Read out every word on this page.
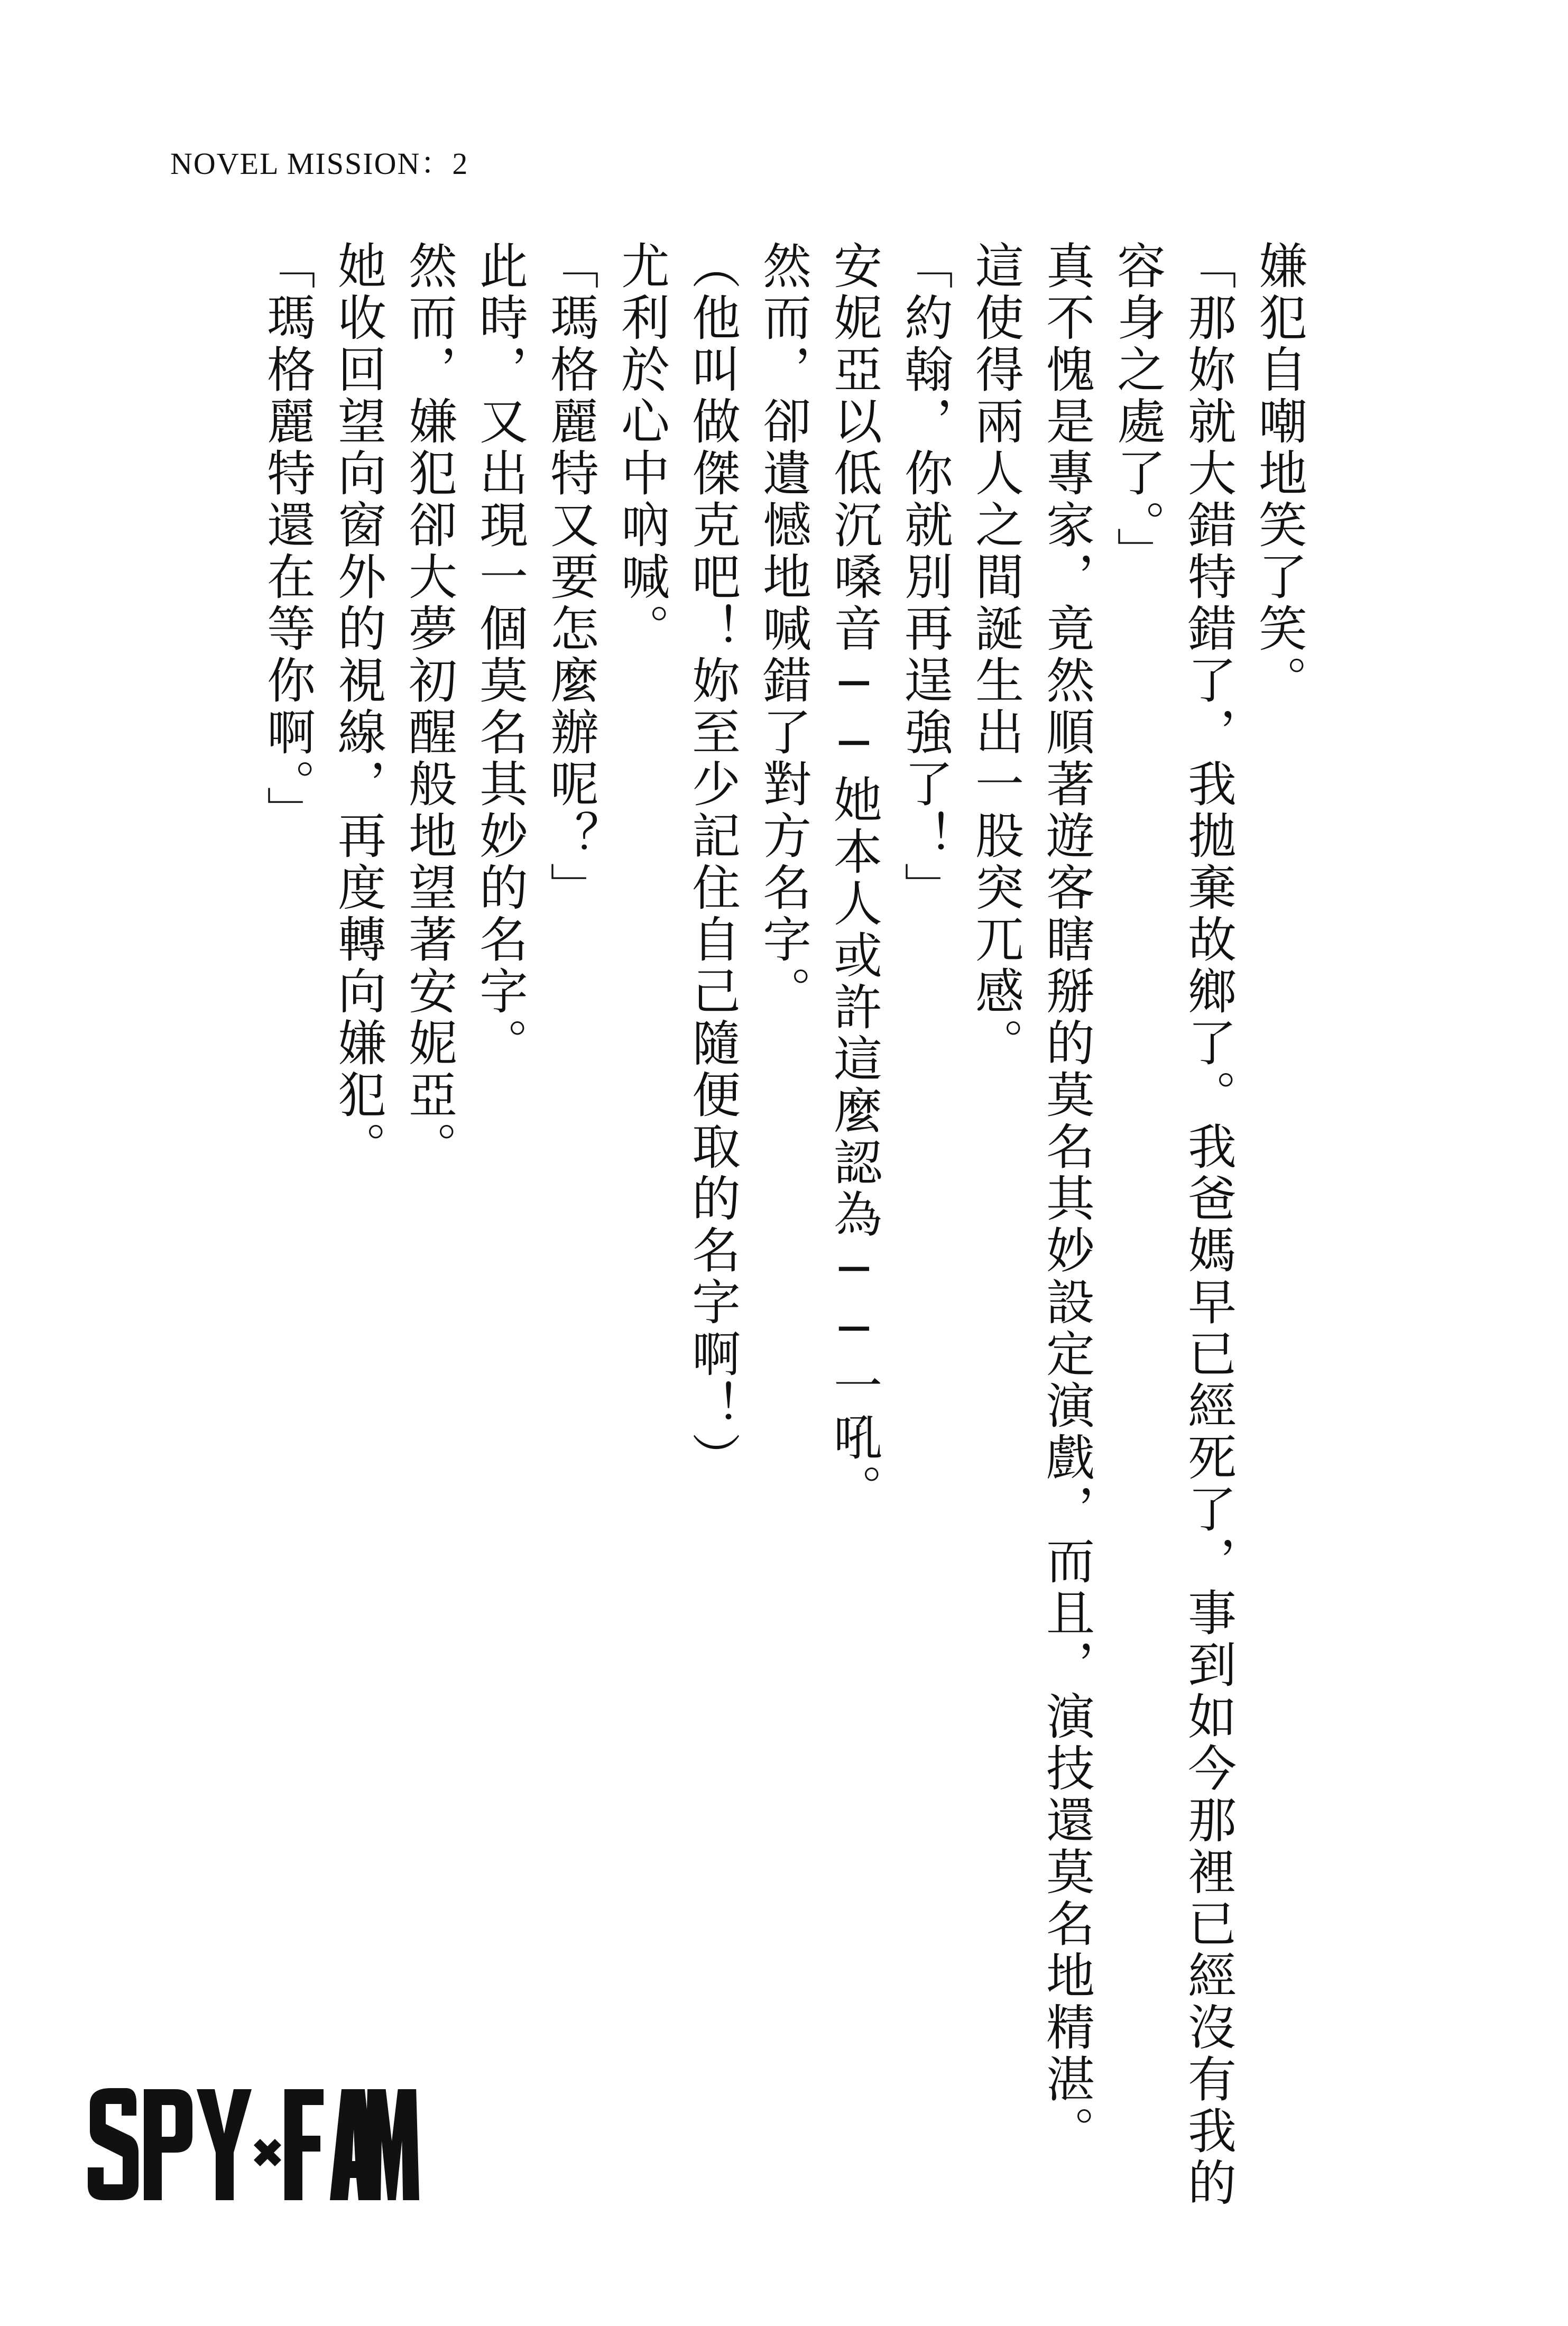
NOVEL MISSION：2

嫌犯自嘲地笑了笑。

「那妳就大錯特錯了，我拋棄故鄉了。我爸媽早已經死了，事到如今那裡已經沒有我的

容身之處了。」

真不愧是專家，竟然順著遊客瞎掰的莫名其妙設定演戲，而且，演技還莫名地精湛。

這使得兩人之間誕生出一股突兀感。

「約翰，你就別再逞強了！」

安妮亞以低沉嗓音──她本人或許這麼認為──一吼。

然而，卻遺憾地喊錯了對方名字。

（他叫做傑克吧！妳至少記住自己隨便取的名字啊！）

尤利於心中吶喊。

「瑪格麗特又要怎麼辦呢？」

此時，又出現一個莫名其妙的名字。

然而，嫌犯卻大夢初醒般地望著安妮亞。

她收回望向窗外的視線，再度轉向嫌犯。

「瑪格麗特還在等你啊。」

SPY×FAMILY
